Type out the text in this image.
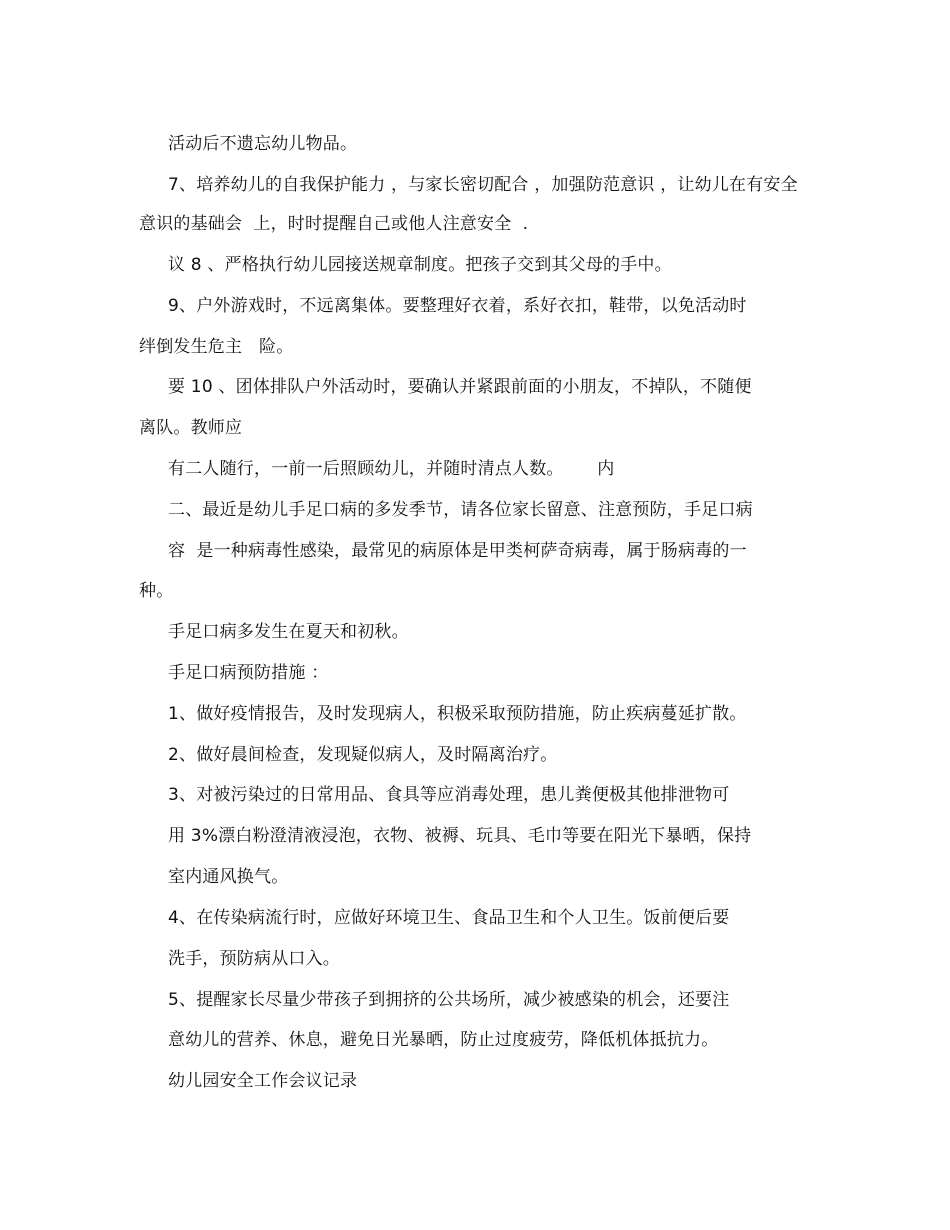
活动后不遗忘幼儿物品。
7、培养幼儿的自我保护能力 ，与家长密切配合 ，加强防范意识 ，让幼儿在有安全
意识的基础会  上，时时提醒自己或他人注意安全  .
议 8 、严格执行幼儿园接送规章制度。把孩子交到其父母的手中。
9、户外游戏时，不远离集体。要整理好衣着，系好衣扣，鞋带，以免活动时
绊倒发生危主   险。
要 10 、团体排队户外活动时，要确认并紧跟前面的小朋友，不掉队，不随便
离队。教师应
有二人随行，一前一后照顾幼儿，并随时清点人数。      内
二、最近是幼儿手足口病的多发季节，请各位家长留意、注意预防，手足口病
容  是一种病毒性感染，最常见的病原体是甲类柯萨奇病毒，属于肠病毒的一
种。
手足口病多发生在夏天和初秋。
手足口病预防措施 ：
1、做好疫情报告，及时发现病人，积极采取预防措施，防止疾病蔓延扩散。
2、做好晨间检查，发现疑似病人，及时隔离治疗。
3、对被污染过的日常用品、食具等应消毒处理，患儿粪便极其他排泄物可
用 3%漂白粉澄清液浸泡，衣物、被褥、玩具、毛巾等要在阳光下暴晒，保持
室内通风换气。
4、在传染病流行时，应做好环境卫生、食品卫生和个人卫生。饭前便后要
洗手，预防病从口入。
5、提醒家长尽量少带孩子到拥挤的公共场所，减少被感染的机会，还要注
意幼儿的营养、休息，避免日光暴晒，防止过度疲劳，降低机体抵抗力。
幼儿园安全工作会议记录
